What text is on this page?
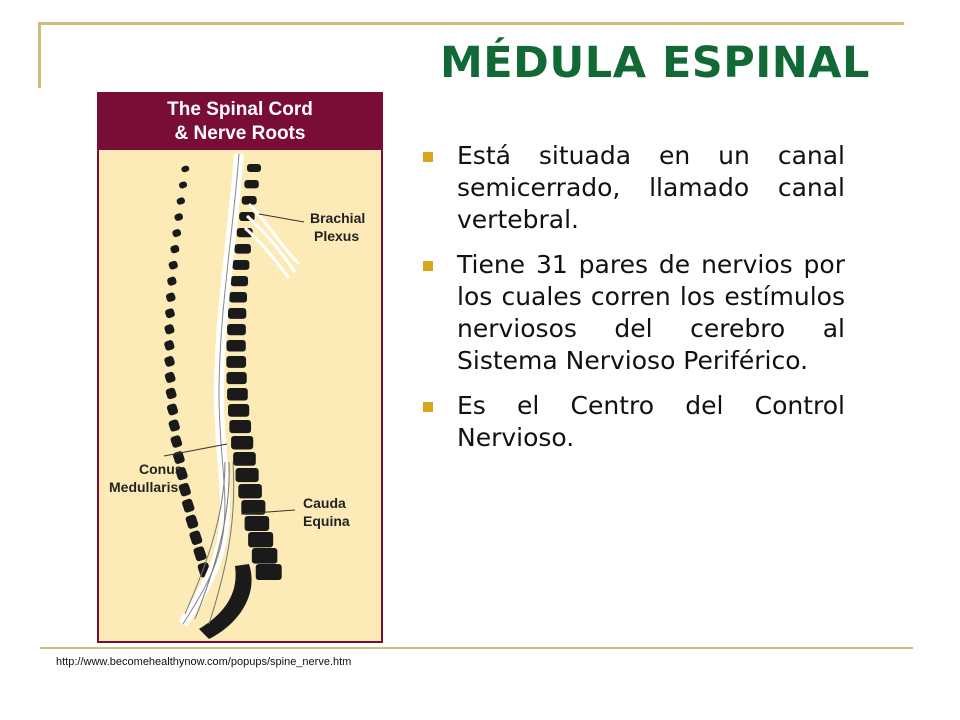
MÉDULA ESPINAL
The Spinal Cord
& Nerve Roots
Brachial
Plexus
Conus
Medullaris
Cauda
Equina
Está situada en un canal semicerrado, llamado canal vertebral.
Tiene 31 pares de nervios por los cuales corren los estímulos nerviosos del cerebro al Sistema Nervioso Periférico.
Es el Centro del Control Nervioso.
http://www.becomehealthynow.com/popups/spine_nerve.htm
